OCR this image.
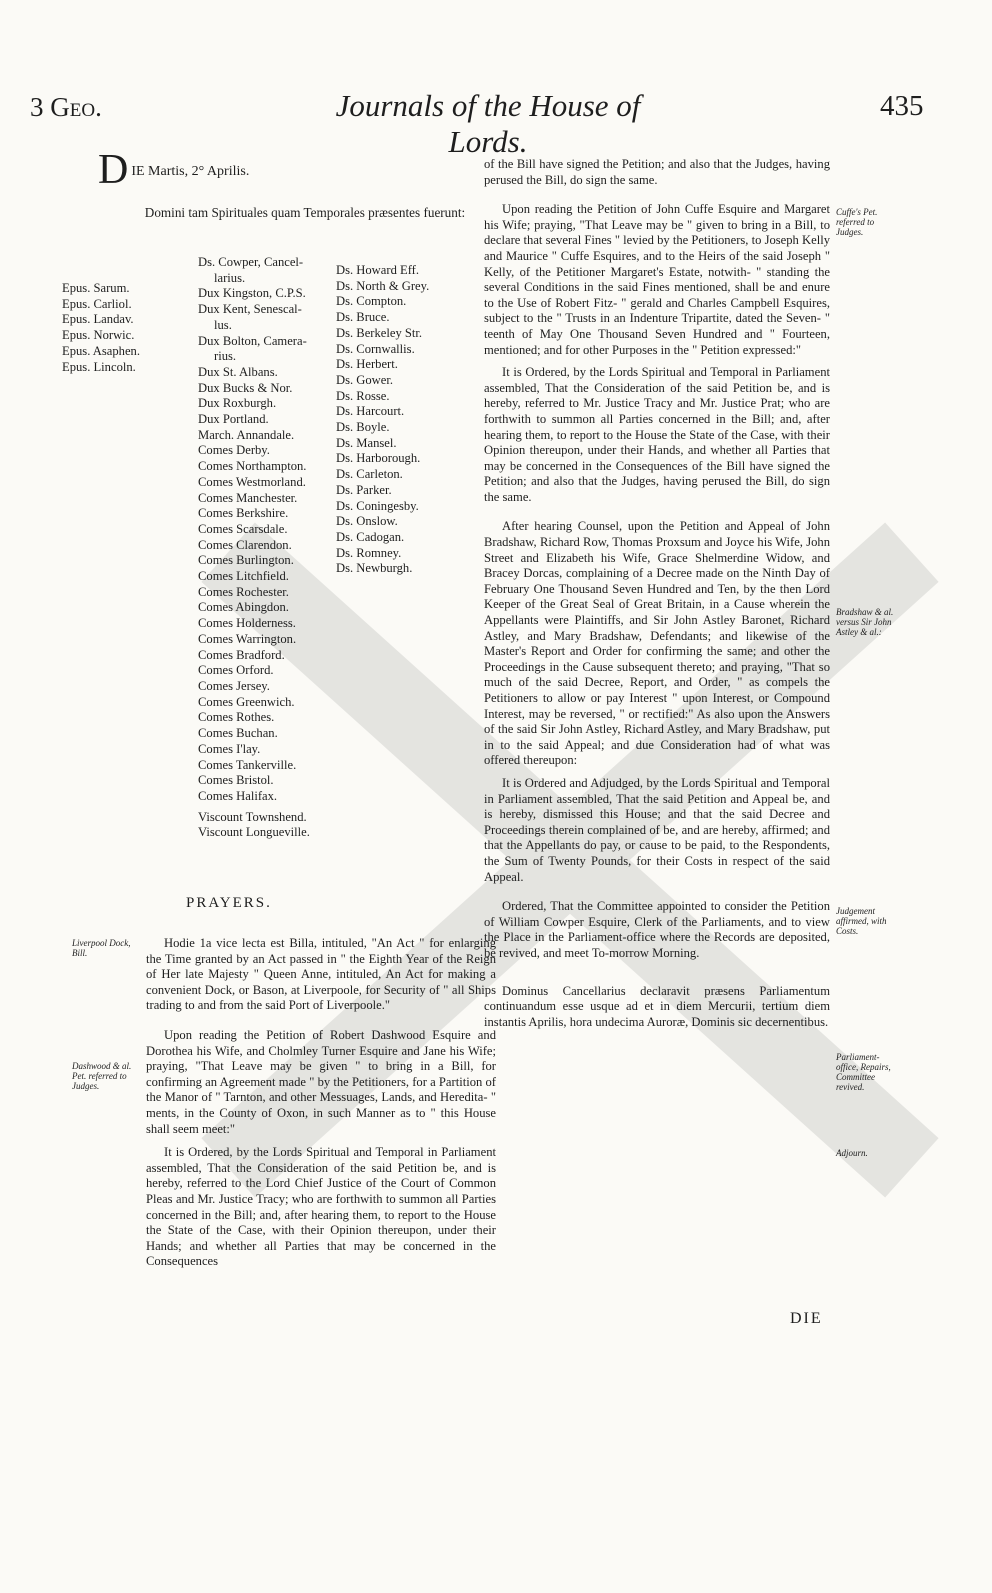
3 Geo.	Journals of the House of Lords.
435
D IE Martis, 2° Aprilis.
Domini tam Spirituales quam Temporales præsentes fuerunt:
Epus. Sarum.
Epus. Carliol.
Epus. Landav.
Epus. Norwic.
Epus. Asaphen.
Epus. Lincoln.
Ds. Cowper, Cancel-
larius.
Dux Kingston, C.P.S.
Dux Kent, Senescal-
lus.
Dux Bolton, Camera-
rius.
Dux St. Albans.
Dux Bucks & Nor.
Dux Roxburgh.
Dux Portland.
March. Annandale.
Comes Derby.
Comes Northampton.
Comes Westmorland.
Comes Manchester.
Comes Berkshire.
Comes Scarsdale.
Comes Clarendon.
Comes Burlington.
Comes Litchfield.
Comes Rochester.
Comes Abingdon.
Comes Holderness.
Comes Warrington.
Comes Bradford.
Comes Orford.
Comes Jersey.
Comes Greenwich.
Comes Rothes.
Comes Buchan.
Comes I'lay.
Comes Tankerville.
Comes Bristol.
Comes Halifax.
Viscount Townshend.
Viscount Longueville.
Ds. Howard Eff.
Ds. North & Grey.
Ds. Compton.
Ds. Bruce.
Ds. Berkeley Str.
Ds. Cornwallis.
Ds. Herbert.
Ds. Gower.
Ds. Rosse.
Ds. Harcourt.
Ds. Boyle.
Ds. Mansel.
Ds. Harborough.
Ds. Carleton.
Ds. Parker.
Ds. Coningesby.
Ds. Onslow.
Ds. Cadogan.
Ds. Romney.
Ds. Newburgh.
PRAYERS.
Liverpool Dock, Bill.
Dashwood & al. Pet. referred to Judges.

Hodie 1a vice lecta est Billa, intituled, "An Act " for enlarging the Time granted by an Act passed in " the Eighth Year of the Reign of Her late Majesty " Queen Anne, intituled, An Act for making a convenient Dock, or Bason, at Liverpoole, for Security of " all Ships trading to and from the said Port of Liverpoole."

Upon reading the Petition of Robert Dashwood Esquire and Dorothea his Wife, and Cholmley Turner Esquire and Jane his Wife; praying, "That Leave may be given " to bring in a Bill, for confirming an Agreement made " by the Petitioners, for a Partition of the Manor of " Tarnton, and other Messuages, Lands, and Heredita- " ments, in the County of Oxon, in such Manner as to " this House shall seem meet:"

It is Ordered, by the Lords Spiritual and Temporal in Parliament assembled, That the Consideration of the said Petition be, and is hereby, referred to the Lord Chief Justice of the Court of Common Pleas and Mr. Justice Tracy; who are forthwith to summon all Parties concerned in the Bill; and, after hearing them, to report to the House the State of the Case, with their Opinion thereupon, under their Hands; and whether all Parties that may be concerned in the Consequences

of the Bill have signed the Petition; and also that the Judges, having perused the Bill, do sign the same.

Upon reading the Petition of John Cuffe Esquire and Margaret his Wife; praying, "That Leave may be " given to bring in a Bill, to declare that several Fines " levied by the Petitioners, to Joseph Kelly and Maurice " Cuffe Esquires, and to the Heirs of the said Joseph " Kelly, of the Petitioner Margaret's Estate, notwith- " standing the several Conditions in the said Fines mentioned, shall be and enure to the Use of Robert Fitz- " gerald and Charles Campbell Esquires, subject to the " Trusts in an Indenture Tripartite, dated the Seven- " teenth of May One Thousand Seven Hundred and " Fourteen, mentioned; and for other Purposes in the " Petition expressed:"

It is Ordered, by the Lords Spiritual and Temporal in Parliament assembled, That the Consideration of the said Petition be, and is hereby, referred to Mr. Justice Tracy and Mr. Justice Prat; who are forthwith to summon all Parties concerned in the Bill; and, after hearing them, to report to the House the State of the Case, with their Opinion thereupon, under their Hands, and whether all Parties that may be concerned in the Consequences of the Bill have signed the Petition; and also that the Judges, having perused the Bill, do sign the same.

After hearing Counsel, upon the Petition and Appeal of John Bradshaw, Richard Row, Thomas Proxsum and Joyce his Wife, John Street and Elizabeth his Wife, Grace Shelmerdine Widow, and Bracey Dorcas, complaining of a Decree made on the Ninth Day of February One Thousand Seven Hundred and Ten, by the then Lord Keeper of the Great Seal of Great Britain, in a Cause wherein the Appellants were Plaintiffs, and Sir John Astley Baronet, Richard Astley, and Mary Bradshaw, Defendants; and likewise of the Master's Report and Order for confirming the same; and other the Proceedings in the Cause subsequent thereto; and praying, "That so much of the said Decree, Report, and Order, " as compels the Petitioners to allow or pay Interest " upon Interest, or Compound Interest, may be reversed, " or rectified:" As also upon the Answers of the said Sir John Astley, Richard Astley, and Mary Bradshaw, put in to the said Appeal; and due Consideration had of what was offered thereupon:

It is Ordered and Adjudged, by the Lords Spiritual and Temporal in Parliament assembled, That the said Petition and Appeal be, and is hereby, dismissed this House; and that the said Decree and Proceedings therein complained of be, and are hereby, affirmed; and that the Appellants do pay, or cause to be paid, to the Respondents, the Sum of Twenty Pounds, for their Costs in respect of the said Appeal.

Ordered, That the Committee appointed to consider the Petition of William Cowper Esquire, Clerk of the Parliaments, and to view the Place in the Parliament-office where the Records are deposited, be revived, and meet To-morrow Morning.

Dominus Cancellarius declaravit præsens Parliamentum continuandum esse usque ad et in diem Mercurii, tertium diem instantis Aprilis, hora undecima Auroræ, Dominis sic decernentibus.

Cuffe's Pet. referred to Judges.
Bradshaw & al. versus Sir John Astley & al.:
Judgement affirmed, with Costs.
Parliament-office, Repairs, Committee revived.
Adjourn.
DIE
